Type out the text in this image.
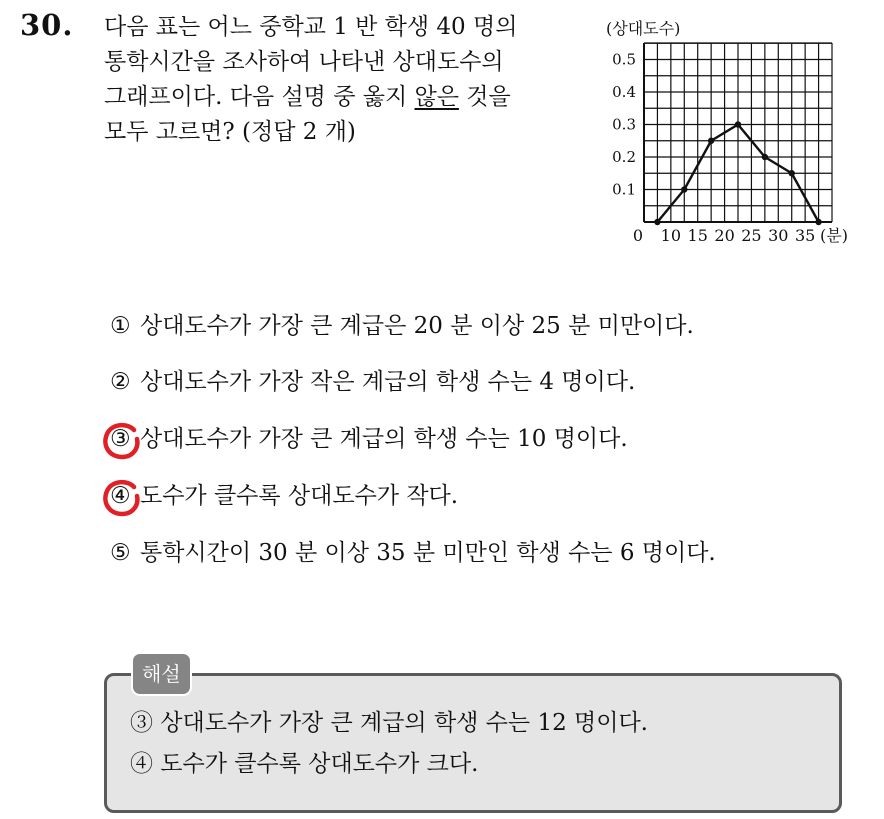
30. 다음 표는 어느 중학교 1 반 학생 40 명의
통학시간을 조사하여 나타낸 상대도수의
그래프이다. 다음 설명 중 옳지 않은 것을
모두 고르면? (정답 2 개)
0.1
0.2
0.3
0.4
0.5
10 15 20 25 30 35
0
(상대도수)
(분)
① 상대도수가 가장 큰 계급은 20 분 이상 25 분 미만이다.
② 상대도수가 가장 작은 계급의 학생 수는 4 명이다.
③ 상대도수가 가장 큰 계급의 학생 수는 10 명이다.
④ 도수가 클수록 상대도수가 작다.
⑤ 통학시간이 30 분 이상 35 분 미만인 학생 수는 6 명이다.
해설
③ 상대도수가 가장 큰 계급의 학생 수는 12 명이다.
④ 도수가 클수록 상대도수가 크다.
